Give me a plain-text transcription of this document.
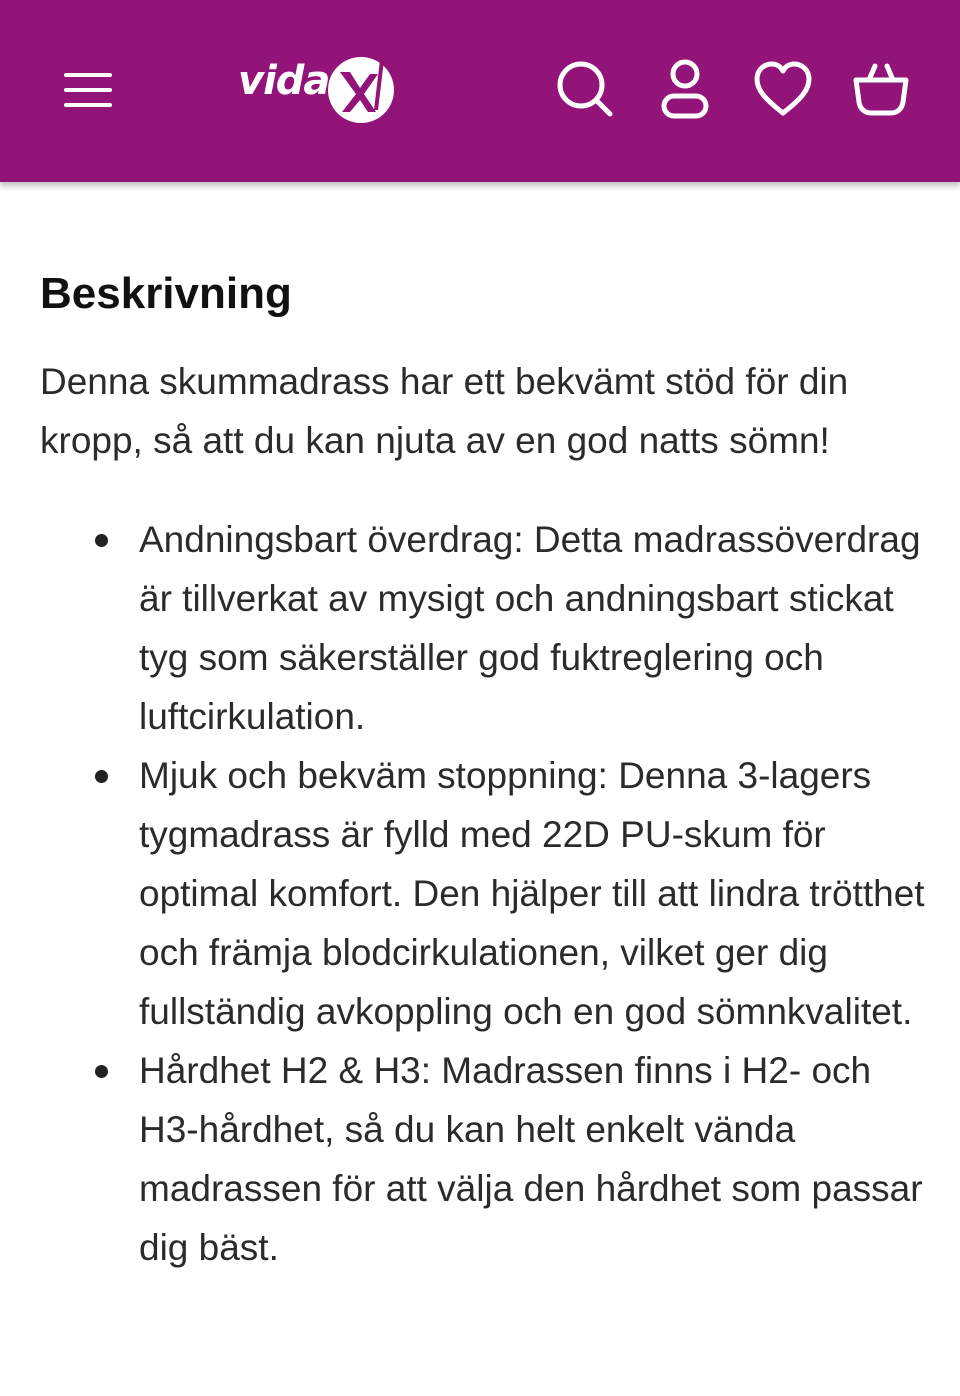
vida
Beskrivning

Denna skummadrass har ett bekvämt stöd för din kropp, så att du kan njuta av en god natts sömn!

Andningsbart överdrag: Detta madrassöverdrag är tillverkat av mysigt och andningsbart stickat tyg som säkerställer god fuktreglering och luftcirkulation.
Mjuk och bekväm stoppning: Denna 3-lagers tygmadrass är fylld med 22D PU-skum för optimal komfort. Den hjälper till att lindra trötthet och främja blodcirkulationen, vilket ger dig fullständig avkoppling och en god sömnkvalitet.
Hårdhet H2 & H3: Madrassen finns i H2- och H3-hårdhet, så du kan helt enkelt vända madrassen för att välja den hårdhet som passar dig bäst.
